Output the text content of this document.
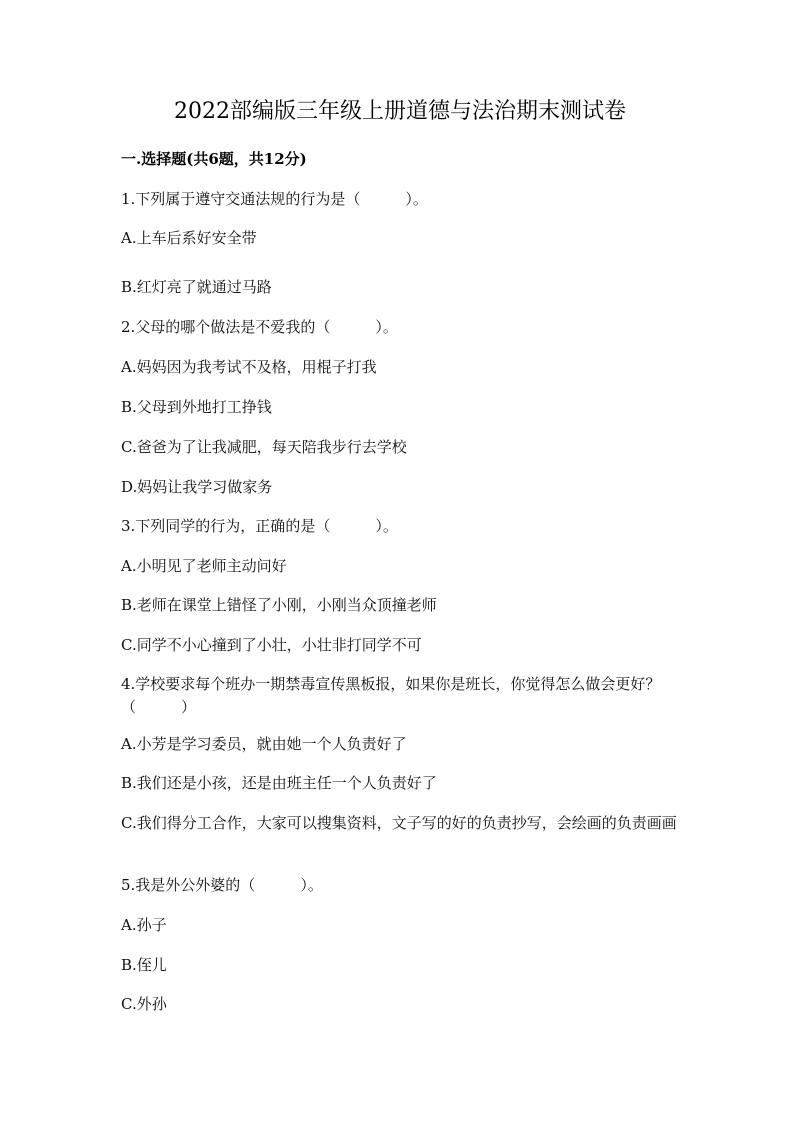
2022部编版三年级上册道德与法治期末测试卷
一.选择题(共6题，共12分)
1.下列属于遵守交通法规的行为是（　　　）。
A.上车后系好安全带
B.红灯亮了就通过马路
2.父母的哪个做法是不爱我的（　　　）。
A.妈妈因为我考试不及格，用棍子打我
B.父母到外地打工挣钱
C.爸爸为了让我减肥，每天陪我步行去学校
D.妈妈让我学习做家务
3.下列同学的行为，正确的是（　　　）。
A.小明见了老师主动问好
B.老师在课堂上错怪了小刚，小刚当众顶撞老师
C.同学不小心撞到了小壮，小壮非打同学不可
4.学校要求每个班办一期禁毒宣传黑板报，如果你是班长，你觉得怎么做会更好？（　　　）
A.小芳是学习委员，就由她一个人负责好了
B.我们还是小孩，还是由班主任一个人负责好了
C.我们得分工合作，大家可以搜集资料，文子写的好的负责抄写，会绘画的负责画画
5.我是外公外婆的（　　　）。
A.孙子
B.侄儿
C.外孙
